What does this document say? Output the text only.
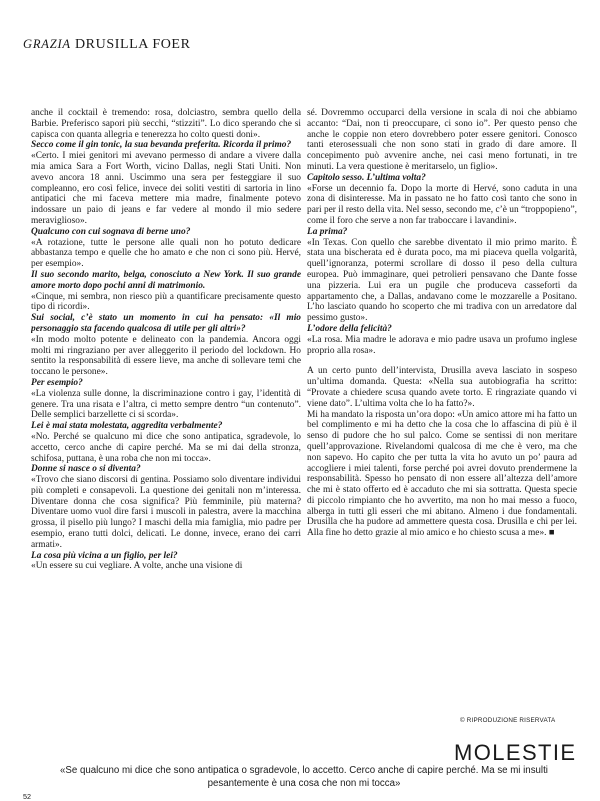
GRAZIA DRUSILLA FOER

anche il cocktail è tremendo: rosa, dolciastro, sembra quello della Barbie. Preferisco sapori più secchi, “stizziti”. Lo dico sperando che si capisca con quanta allegria e tenerezza ho colto questi doni».

Secco come il gin tonic, la sua bevanda preferita. Ricorda il primo?

«Certo. I miei genitori mi avevano permesso di andare a vivere dalla mia amica Sara a Fort Worth, vicino Dallas, negli Stati Uniti. Non avevo ancora 18 anni. Uscimmo una sera per festeggiare il suo compleanno, ero così felice, invece dei soliti vestiti di sartoria in lino antipatici che mi faceva mettere mia madre, finalmente potevo indossare un paio di jeans e far vedere al mondo il mio sedere meraviglioso».

Qualcuno con cui sognava di berne uno?

«A rotazione, tutte le persone alle quali non ho potuto dedicare abbastanza tempo e quelle che ho amato e che non ci sono più. Hervé, per esempio».

Il suo secondo marito, belga, conosciuto a New York. Il suo grande amore morto dopo pochi anni di matrimonio.

«Cinque, mi sembra, non riesco più a quantificare precisamente questo tipo di ricordi».

Sui social, c’è stato un momento in cui ha pensato: «Il mio personaggio sta facendo qualcosa di utile per gli altri»?

«In modo molto potente e delineato con la pandemia. Ancora oggi molti mi ringraziano per aver alleggerito il periodo del lockdown. Ho sentito la responsabilità di essere lieve, ma anche di sollevare temi che toccano le persone».

Per esempio?

«La violenza sulle donne, la discriminazione contro i gay, l’identità di genere. Tra una risata e l’altra, ci metto sempre dentro “un contenuto”. Delle semplici barzellette ci si scorda».

Lei è mai stata molestata, aggredita verbalmente?

«No. Perché se qualcuno mi dice che sono antipatica, sgradevole, lo accetto, cerco anche di capire perché. Ma se mi dai della stronza, schifosa, puttana, è una roba che non mi tocca».

Donne si nasce o si diventa?

«Trovo che siano discorsi di gentina. Possiamo solo diventare individui più completi e consapevoli. La questione dei genitali non m’interessa. Diventare donna che cosa significa? Più femminile, più materna? Diventare uomo vuol dire farsi i muscoli in palestra, avere la macchina grossa, il pisello più lungo? I maschi della mia famiglia, mio padre per esempio, erano tutti dolci, delicati. Le donne, invece, erano dei carri armati».

La cosa più vicina a un figlio, per lei?

«Un essere su cui vegliare. A volte, anche una visione di

sé. Dovremmo occuparci della versione in scala di noi che abbiamo accanto: “Dai, non ti preoccupare, ci sono io”. Per questo penso che anche le coppie non etero dovrebbero poter essere genitori. Conosco tanti eterosessuali che non sono stati in grado di dare amore. Il concepimento può avvenire anche, nei casi meno fortunati, in tre minuti. La vera questione è meritarselo, un figlio».

Capitolo sesso. L’ultima volta?

«Forse un decennio fa. Dopo la morte di Hervé, sono caduta in una zona di disinteresse. Ma in passato ne ho fatto così tanto che sono in pari per il resto della vita. Nel sesso, secondo me, c’è un “troppopieno”, come il foro che serve a non far traboccare i lavandini».

La prima?

«In Texas. Con quello che sarebbe diventato il mio primo marito. È stata una bischerata ed è durata poco, ma mi piaceva quella volgarità, quell’ignoranza, potermi scrollare di dosso il peso della cultura europea. Può immaginare, quei petrolieri pensavano che Dante fosse una pizzeria. Lui era un pugile che produceva casseforti da appartamento che, a Dallas, andavano come le mozzarelle a Positano. L’ho lasciato quando ho scoperto che mi tradiva con un arredatore dal pessimo gusto».

L’odore della felicità?

«La rosa. Mia madre le adorava e mio padre usava un profumo inglese proprio alla rosa».

A un certo punto dell’intervista, Drusilla aveva lasciato in sospeso un’ultima domanda. Questa: «Nella sua autobiografia ha scritto: “Provate a chiedere scusa quando avete torto. E ringraziate quando vi viene dato”. L’ultima volta che lo ha fatto?».

Mi ha mandato la risposta un’ora dopo: «Un amico attore mi ha fatto un bel complimento e mi ha detto che la cosa che lo affascina di più è il senso di pudore che ho sul palco. Come se sentissi di non meritare quell’approvazione. Rivelandomi qualcosa di me che è vero, ma che non sapevo. Ho capito che per tutta la vita ho avuto un po’ paura ad accogliere i miei talenti, forse perché poi avrei dovuto prendermene la responsabilità. Spesso ho pensato di non essere all’altezza dell’amore che mi è stato offerto ed è accaduto che mi sia sottratta. Questa specie di piccolo rimpianto che ho avvertito, ma non ho mai messo a fuoco, alberga in tutti gli esseri che mi abitano. Almeno i due fondamentali. Drusilla che ha pudore ad ammettere questa cosa. Drusilla e chi per lei. Alla fine ho detto grazie al mio amico e ho chiesto scusa a me». ■

© RIPRODUZIONE RISERVATA
MOLESTIE
«Se qualcuno mi dice che sono antipatica o sgradevole, lo accetto. Cerco anche di capire perché. Ma se mi insulti pesantemente è una cosa che non mi tocca»
52
